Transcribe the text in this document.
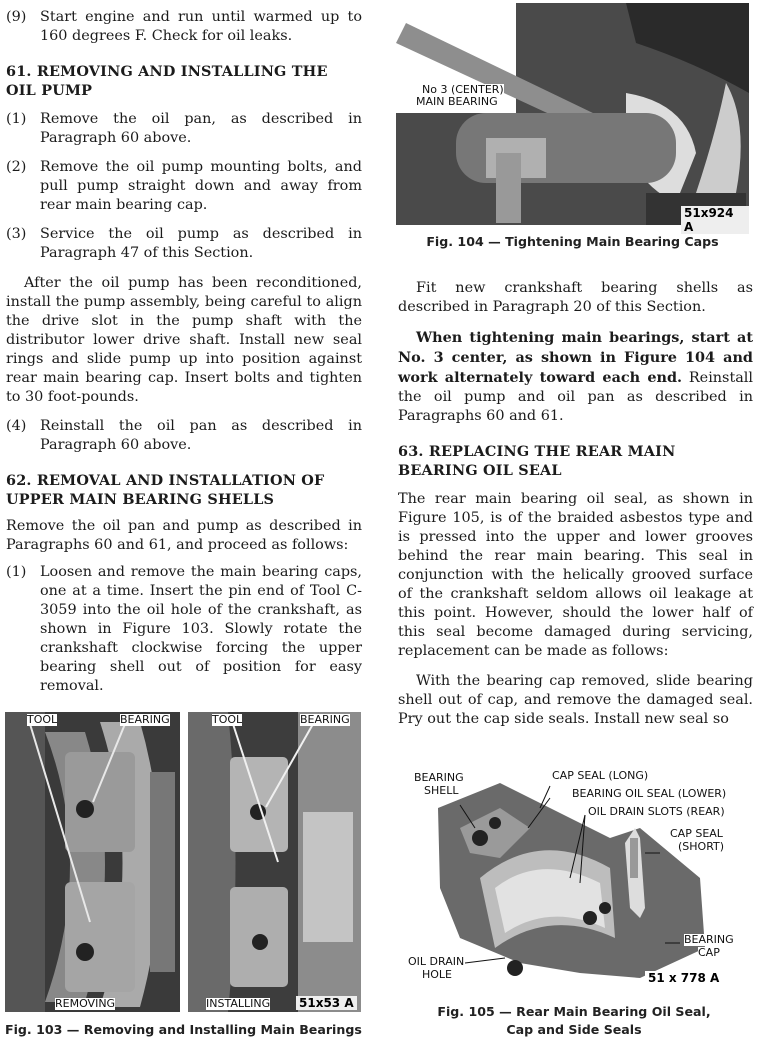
(9) Start engine and run until warmed up to 160 degrees F. Check for oil leaks.
61. REMOVING AND INSTALLING THE OIL PUMP
(1) Remove the oil pan, as described in Paragraph 60 above.
(2) Remove the oil pump mounting bolts, and pull pump straight down and away from rear main bearing cap.
(3) Service the oil pump as described in Paragraph 47 of this Section.

After the oil pump has been reconditioned, install the pump assembly, being careful to align the drive slot in the pump shaft with the distributor lower drive shaft. Install new seal rings and slide pump up into position against rear main bearing cap. Insert bolts and tighten to 30 foot-pounds.

(4) Reinstall the oil pan as described in Paragraph 60 above.
62. REMOVAL AND INSTALLATION OF UPPER MAIN BEARING SHELLS

Remove the oil pan and pump as described in Paragraphs 60 and 61, and proceed as follows:

(1) Loosen and remove the main bearing caps, one at a time. Insert the pin end of Tool C-3059 into the oil hole of the crankshaft, as shown in Figure 103. Slowly rotate the crankshaft clockwise forcing the upper bearing shell out of position for easy removal.
TOOL	BEARING
REMOVING
TOOL	BEARING
INSTALLING 51x53 A
Fig. 103 — Removing and Installing Main Bearings
No 3 (CENTER)
MAIN BEARING
51x924 A
Fig. 104 — Tightening Main Bearing Caps

Fit new crankshaft bearing shells as described in Paragraph 20 of this Section.

When tightening main bearings, start at No. 3 center, as shown in Figure 104 and work alternately toward each end. Reinstall the oil pump and oil pan as described in Paragraphs 60 and 61.

63. REPLACING THE REAR MAIN BEARING OIL SEAL

The rear main bearing oil seal, as shown in Figure 105, is of the braided asbestos type and is pressed into the upper and lower grooves behind the rear main bearing. This seal in conjunction with the helically grooved surface of the crankshaft seldom allows oil leakage at this point. However, should the lower half of this seal become damaged during servicing, replacement can be made as follows:

With the bearing cap removed, slide bearing shell out of cap, and remove the damaged seal. Pry out the cap side seals. Install new seal so

BEARING
SHELL
CAP SEAL (LONG)
BEARING OIL SEAL (LOWER)
OIL DRAIN SLOTS (REAR)
CAP SEAL
(SHORT)
BEARING
CAP
OIL DRAIN
HOLE	51 x 778 A
Fig. 105 — Rear Main Bearing Oil Seal,
Cap and Side Seals
